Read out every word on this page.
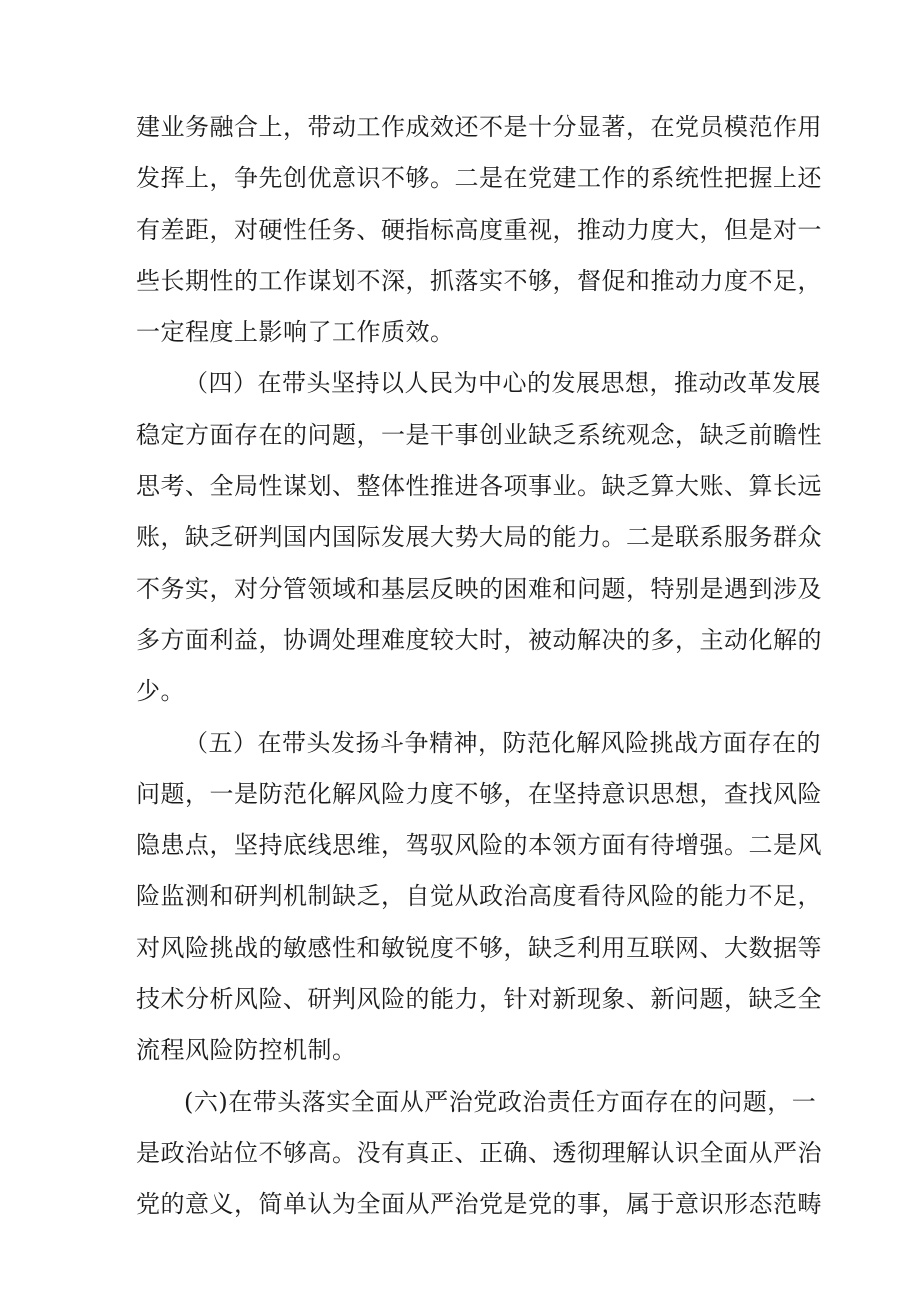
建业务融合上，带动工作成效还不是十分显著，在党员模范作用
发挥上，争先创优意识不够。二是在党建工作的系统性把握上还
有差距，对硬性任务、硬指标高度重视，推动力度大，但是对一
些长期性的工作谋划不深，抓落实不够，督促和推动力度不足，
一定程度上影响了工作质效。
（四）在带头坚持以人民为中心的发展思想，推动改革发展
稳定方面存在的问题，一是干事创业缺乏系统观念，缺乏前瞻性
思考、全局性谋划、整体性推进各项事业。缺乏算大账、算长远
账，缺乏研判国内国际发展大势大局的能力。二是联系服务群众
不务实，对分管领域和基层反映的困难和问题，特别是遇到涉及
多方面利益，协调处理难度较大时，被动解决的多，主动化解的
少。
（五）在带头发扬斗争精神，防范化解风险挑战方面存在的
问题，一是防范化解风险力度不够，在坚持意识思想，查找风险
隐患点，坚持底线思维，驾驭风险的本领方面有待增强。二是风
险监测和研判机制缺乏，自觉从政治高度看待风险的能力不足，
对风险挑战的敏感性和敏锐度不够，缺乏利用互联网、大数据等
技术分析风险、研判风险的能力，针对新现象、新问题，缺乏全
流程风险防控机制。
(六)在带头落实全面从严治党政治责任方面存在的问题，一
是政治站位不够高。没有真正、正确、透彻理解认识全面从严治
党的意义，简单认为全面从严治党是党的事，属于意识形态范畴
